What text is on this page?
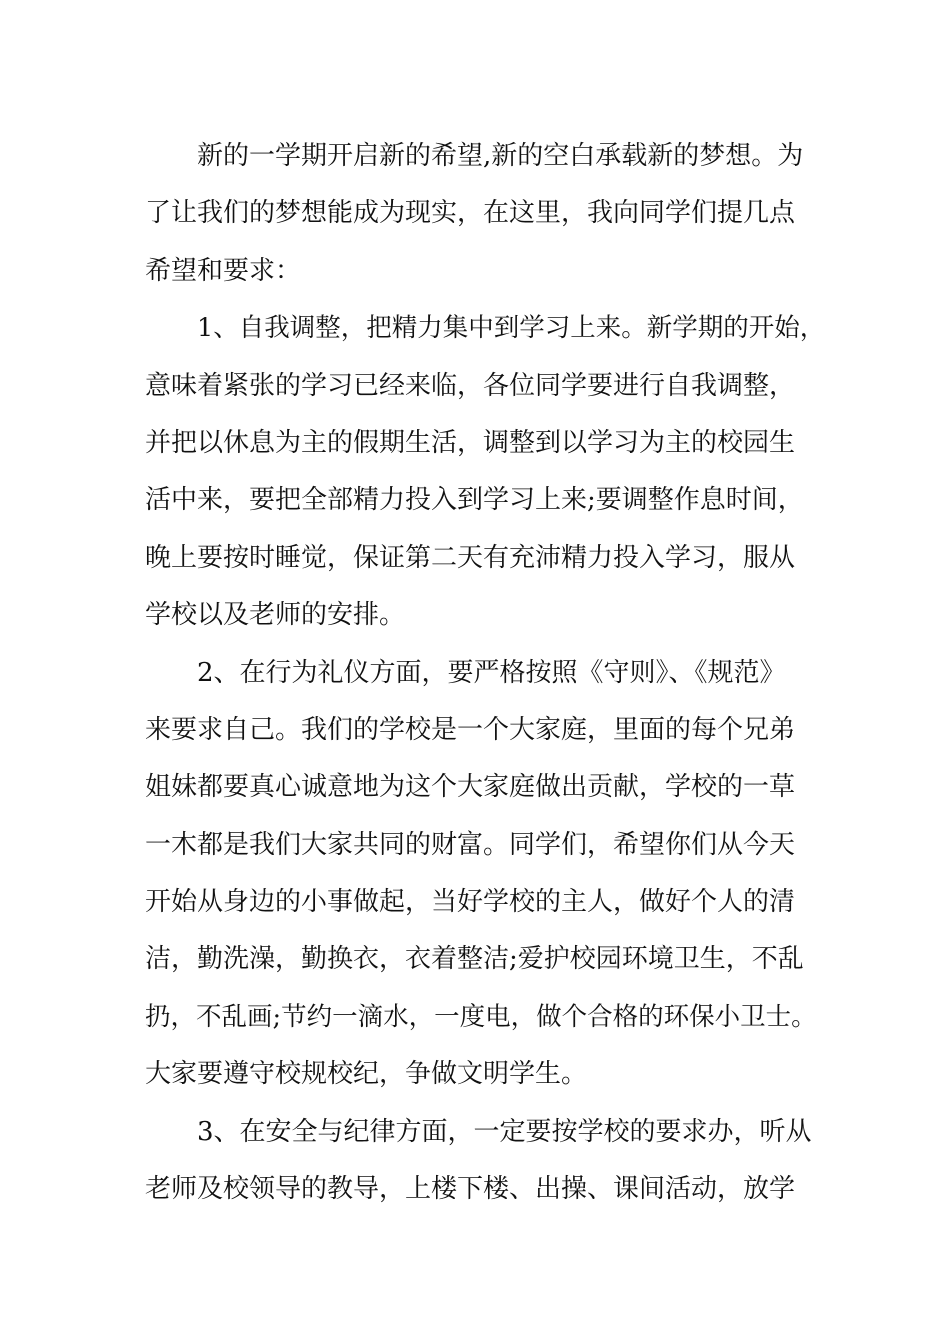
新的一学期开启新的希望,新的空白承载新的梦想。为
了让我们的梦想能成为现实，在这里，我向同学们提几点
希望和要求：
1、自我调整，把精力集中到学习上来。新学期的开始，
意味着紧张的学习已经来临，各位同学要进行自我调整，
并把以休息为主的假期生活，调整到以学习为主的校园生
活中来，要把全部精力投入到学习上来;要调整作息时间，
晚上要按时睡觉，保证第二天有充沛精力投入学习，服从
学校以及老师的安排。
2、在行为礼仪方面，要严格按照《守则》、《规范》
来要求自己。我们的学校是一个大家庭，里面的每个兄弟
姐妹都要真心诚意地为这个大家庭做出贡献，学校的一草
一木都是我们大家共同的财富。同学们，希望你们从今天
开始从身边的小事做起，当好学校的主人，做好个人的清
洁，勤洗澡，勤换衣，衣着整洁;爱护校园环境卫生，不乱
扔，不乱画;节约一滴水，一度电，做个合格的环保小卫士。
大家要遵守校规校纪，争做文明学生。
3、在安全与纪律方面，一定要按学校的要求办，听从
老师及校领导的教导，上楼下楼、出操、课间活动，放学
